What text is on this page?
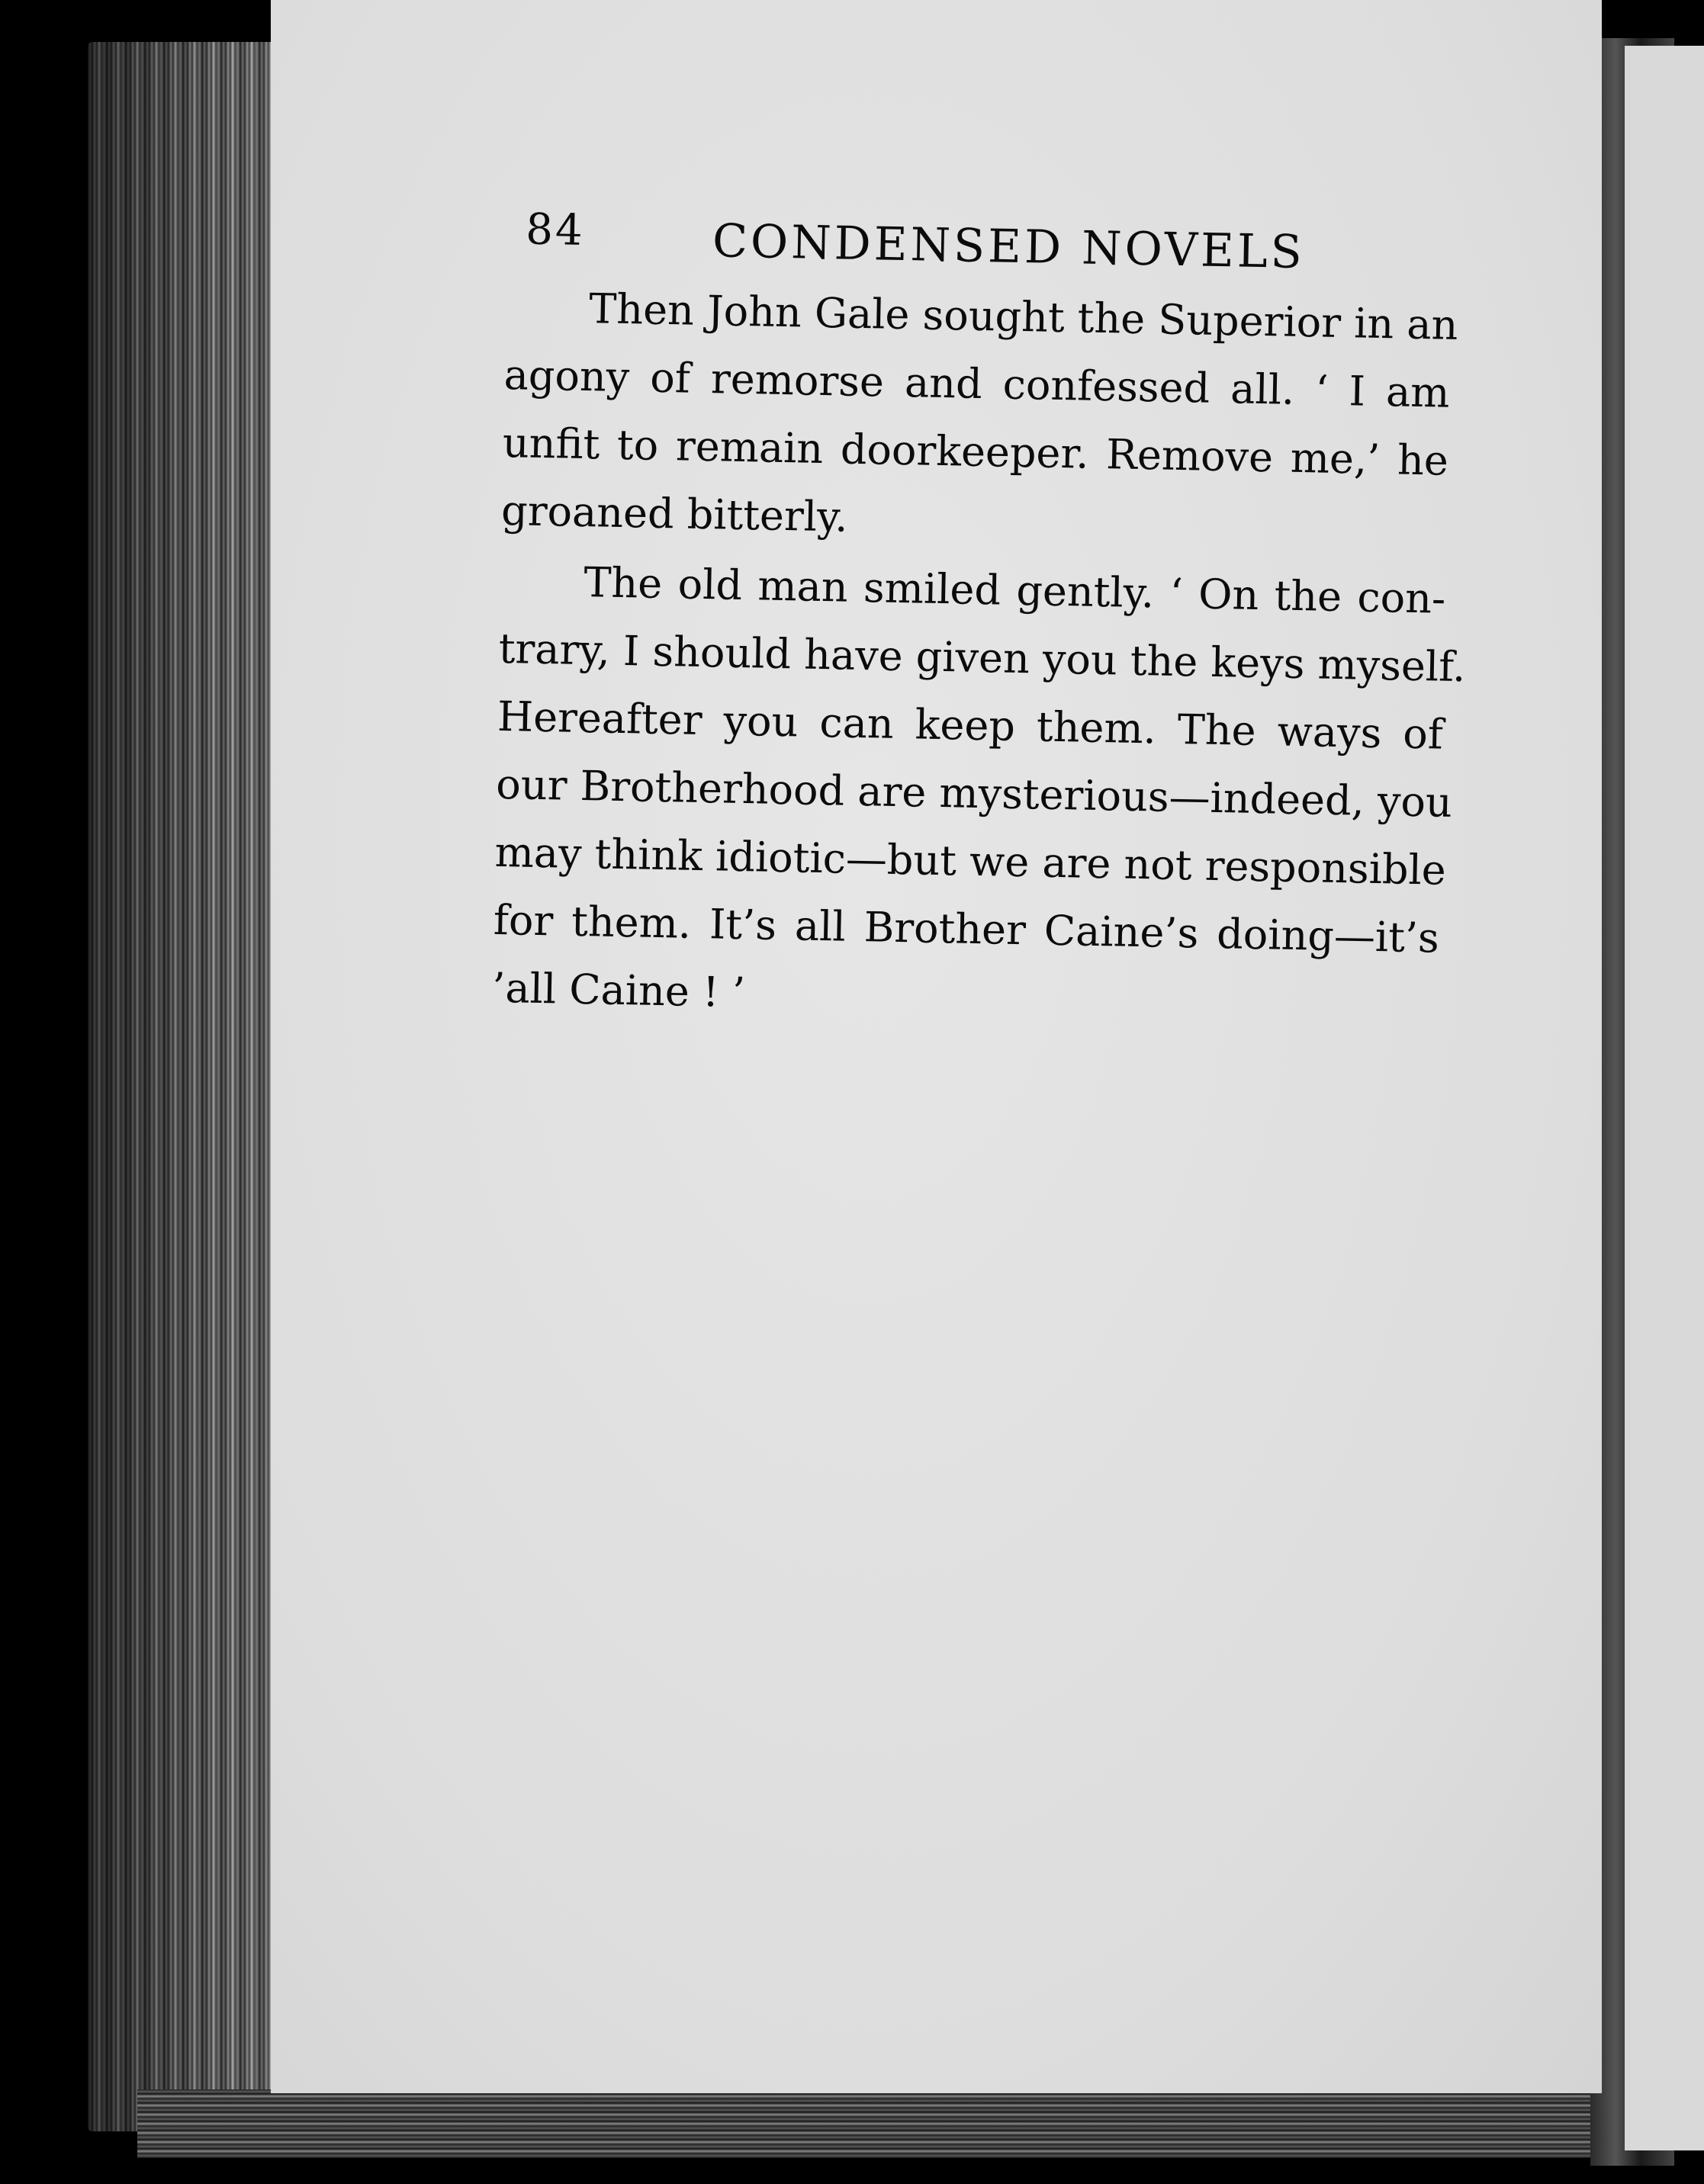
84	CONDENSED NOVELS

Then John Gale sought the Superior in an
agony of remorse and confessed all. ‘ I am
unfit to remain doorkeeper. Remove me,’ he
groaned bitterly.

The old man smiled gently. ‘ On the con-
trary, I should have given you the keys myself.
Hereafter you can keep them. The ways of
our Brotherhood are mysterious—indeed, you
may think idiotic—but we are not responsible
for them. It’s all Brother Caine’s doing—it’s
’all Caine ! ’
